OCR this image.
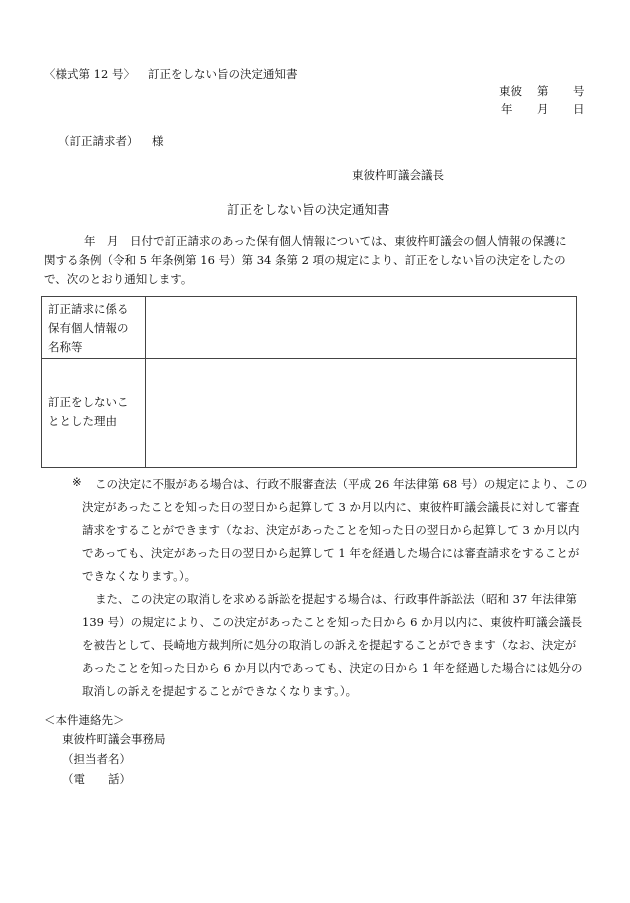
〈様式第 12 号〉 訂正をしない旨の決定通知書
東彼 第 号
年 月 日
（訂正請求者） 様
東彼杵町議会議長
訂正をしない旨の決定通知書
年　月　日付で訂正請求のあった保有個人情報については、東彼杵町議会の個人情報の保護に
関する条例（令和 5 年条例第 16 号）第 34 条第 2 項の規定により、訂正をしない旨の決定をしたの
で、次のとおり通知します。
訂正請求に係る
保有個人情報の
名称等
訂正をしないこ
ととした理由
※ この決定に不服がある場合は、行政不服審査法（平成 26 年法律第 68 号）の規定により、この
決定があったことを知った日の翌日から起算して 3 か月以内に、東彼杵町議会議長に対して審査
請求をすることができます（なお、決定があったことを知った日の翌日から起算して 3 か月以内
であっても、決定があった日の翌日から起算して 1 年を経過した場合には審査請求をすることが
できなくなります。）。
また、この決定の取消しを求める訴訟を提起する場合は、行政事件訴訟法（昭和 37 年法律第
139 号）の規定により、この決定があったことを知った日から 6 か月以内に、東彼杵町議会議長
を被告として、長崎地方裁判所に処分の取消しの訴えを提起することができます（なお、決定が
あったことを知った日から 6 か月以内であっても、決定の日から 1 年を経過した場合には処分の
取消しの訴えを提起することができなくなります。）。
＜本件連絡先＞
東彼杵町議会事務局
（担当者名）
（電　　話）
